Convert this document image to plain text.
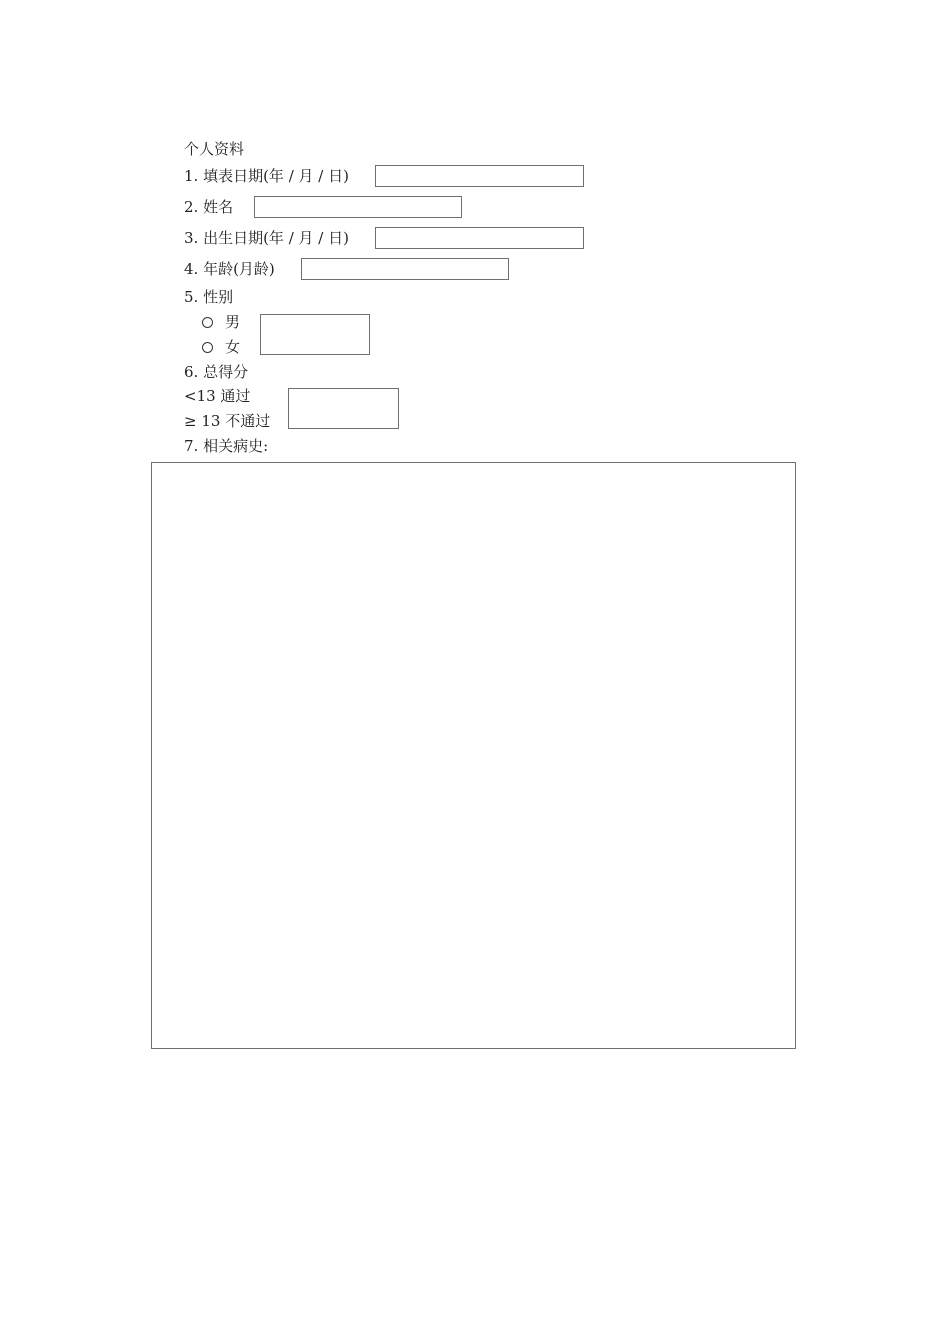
个人资料
1. 填表日期(年 / 月 / 日)
2. 姓名
3. 出生日期(年 / 月 / 日)
4. 年龄(月龄)
5. 性别
男
女
6. 总得分
<13 通过
≥ 13 不通过
7. 相关病史:
